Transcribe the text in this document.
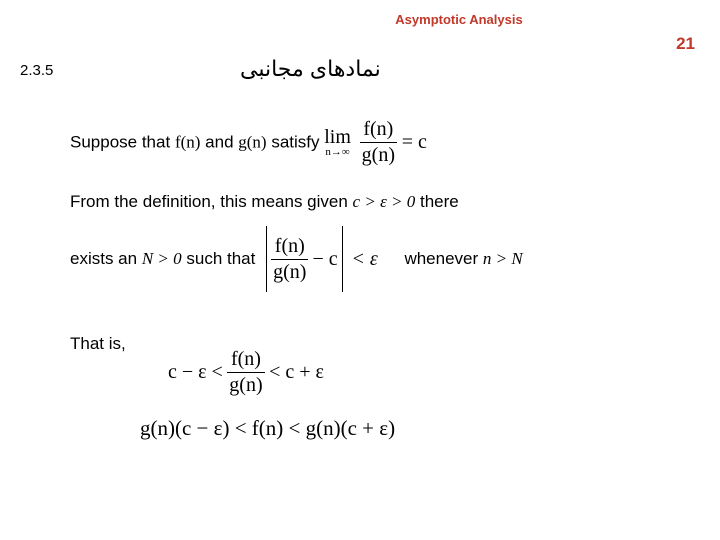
Asymptotic Analysis
21
2.3.5	نمادهای مجانبی
Suppose that f(n) and g(n) satisfy lim
n→∞
$\frac{f(n)}{g(n)} = c$
From the definition, this means given c > ε > 0 there
exists an N > 0 such that $\frac{f(n)}{g(n)} - c < \varepsilon$ whenever n > N
That is,
$c - \varepsilon < \frac{f(n)}{g(n)} < c + \varepsilon$
g(n)(c − ε) < f(n) < g(n)(c + ε)
